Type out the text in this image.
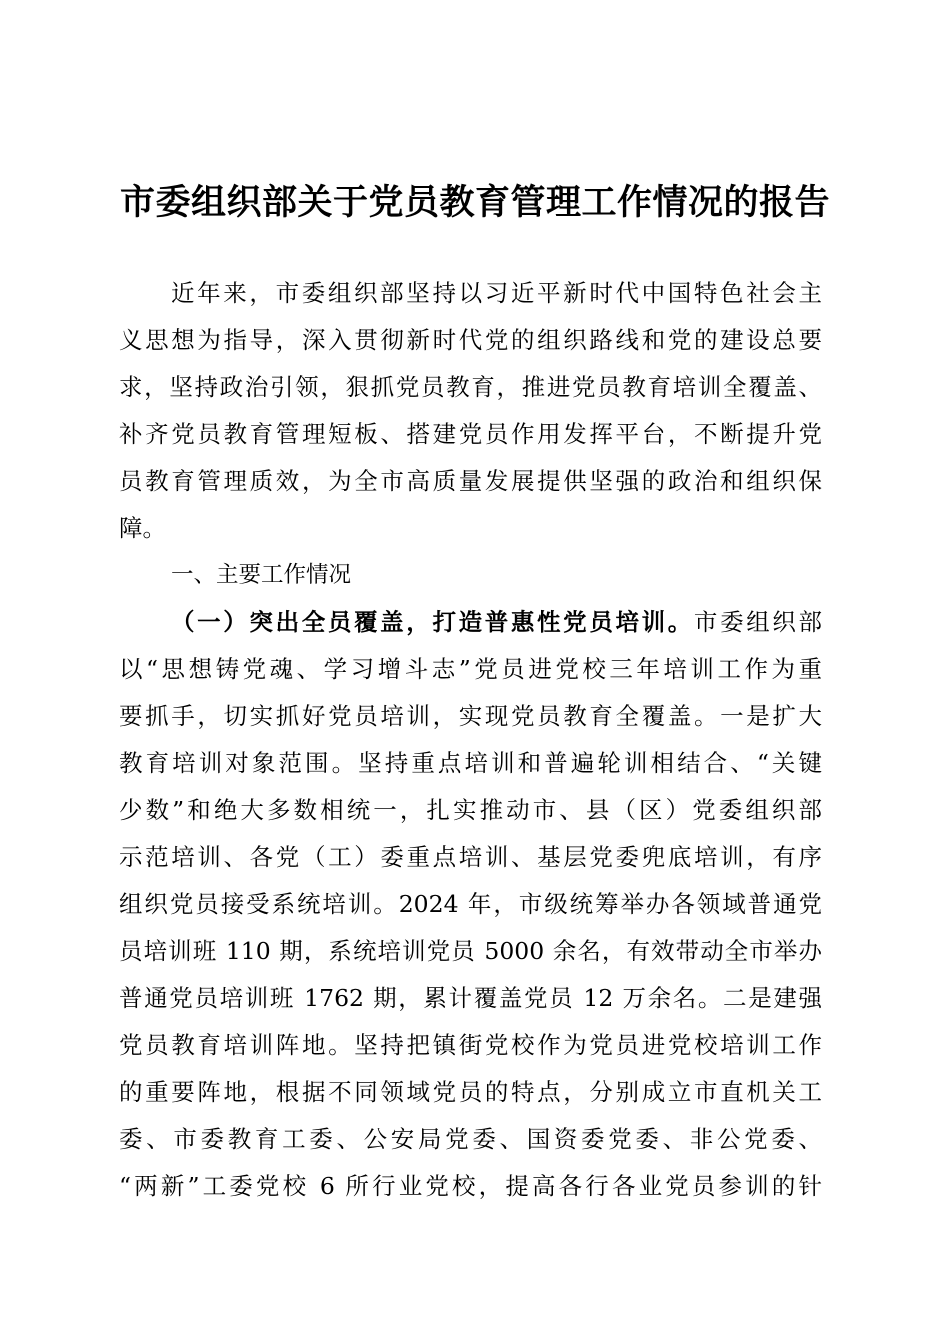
市委组织部关于党员教育管理工作情况的报告
近年来，市委组织部坚持以习近平新时代中国特色社会主
义思想为指导，深入贯彻新时代党的组织路线和党的建设总要
求，坚持政治引领，狠抓党员教育，推进党员教育培训全覆盖、
补齐党员教育管理短板、搭建党员作用发挥平台，不断提升党
员教育管理质效，为全市高质量发展提供坚强的政治和组织保
障。
一、主要工作情况
（一）突出全员覆盖，打造普惠性党员培训。市委组织部
以“思想铸党魂、学习增斗志”党员进党校三年培训工作为重
要抓手，切实抓好党员培训，实现党员教育全覆盖。一是扩大
教育培训对象范围。坚持重点培训和普遍轮训相结合、“关键
少数”和绝大多数相统一，扎实推动市、县（区）党委组织部
示范培训、各党（工）委重点培训、基层党委兜底培训，有序
组织党员接受系统培训。2024 年，市级统筹举办各领域普通党
员培训班 110 期，系统培训党员 5000 余名，有效带动全市举办
普通党员培训班 1762 期，累计覆盖党员 12 万余名。二是建强
党员教育培训阵地。坚持把镇街党校作为党员进党校培训工作
的重要阵地，根据不同领域党员的特点，分别成立市直机关工
委、市委教育工委、公安局党委、国资委党委、非公党委、
“两新”工委党校 6 所行业党校，提高各行各业党员参训的针
